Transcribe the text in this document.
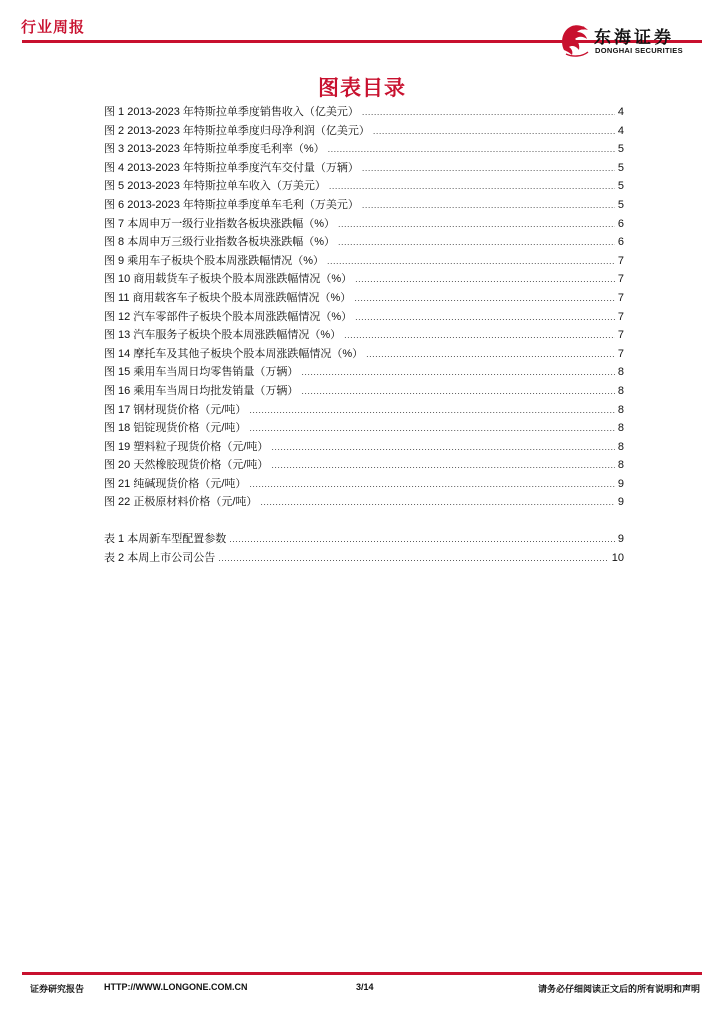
行业周报
东海证券
DONGHAI SECURITIES
图表目录
图 1 2013-2023 年特斯拉单季度销售收入（亿美元） .....	4
图 2 2013-2023 年特斯拉单季度归母净利润（亿美元） .....	4
图 3 2013-2023 年特斯拉单季度毛利率（%） .....	5
图 4 2013-2023 年特斯拉单季度汽车交付量（万辆） .....	5
图 5 2013-2023 年特斯拉单车收入（万美元） .....	5
图 6 2013-2023 年特斯拉单季度单车毛利（万美元） .....	5
图 7 本周申万一级行业指数各板块涨跌幅（%） .....	6
图 8 本周申万三级行业指数各板块涨跌幅（%） .....	6
图 9 乘用车子板块个股本周涨跌幅情况（%） .....	7
图 10 商用载货车子板块个股本周涨跌幅情况（%） .....	7
图 11 商用载客车子板块个股本周涨跌幅情况（%） .....	7
图 12 汽车零部件子板块个股本周涨跌幅情况（%） .....	7
图 13 汽车服务子板块个股本周涨跌幅情况（%） .....	7
图 14 摩托车及其他子板块个股本周涨跌幅情况（%） .....	7
图 15 乘用车当周日均零售销量（万辆） .....	8
图 16 乘用车当周日均批发销量（万辆） .....	8
图 17 钢材现货价格（元/吨） .....	8
图 18 铝锭现货价格（元/吨） .....	8
图 19 塑料粒子现货价格（元/吨） .....	8
图 20 天然橡胶现货价格（元/吨） .....	8
图 21 纯碱现货价格（元/吨） .....	9
图 22 正极原材料价格（元/吨） .....	9
表 1 本周新车型配置参数 .....	9
表 2 本周上市公司公告 .....	10
证券研究报告 HTTP://WWW.LONGONE.COM.CN	3/14	请务必仔细阅读正文后的所有说明和声明
